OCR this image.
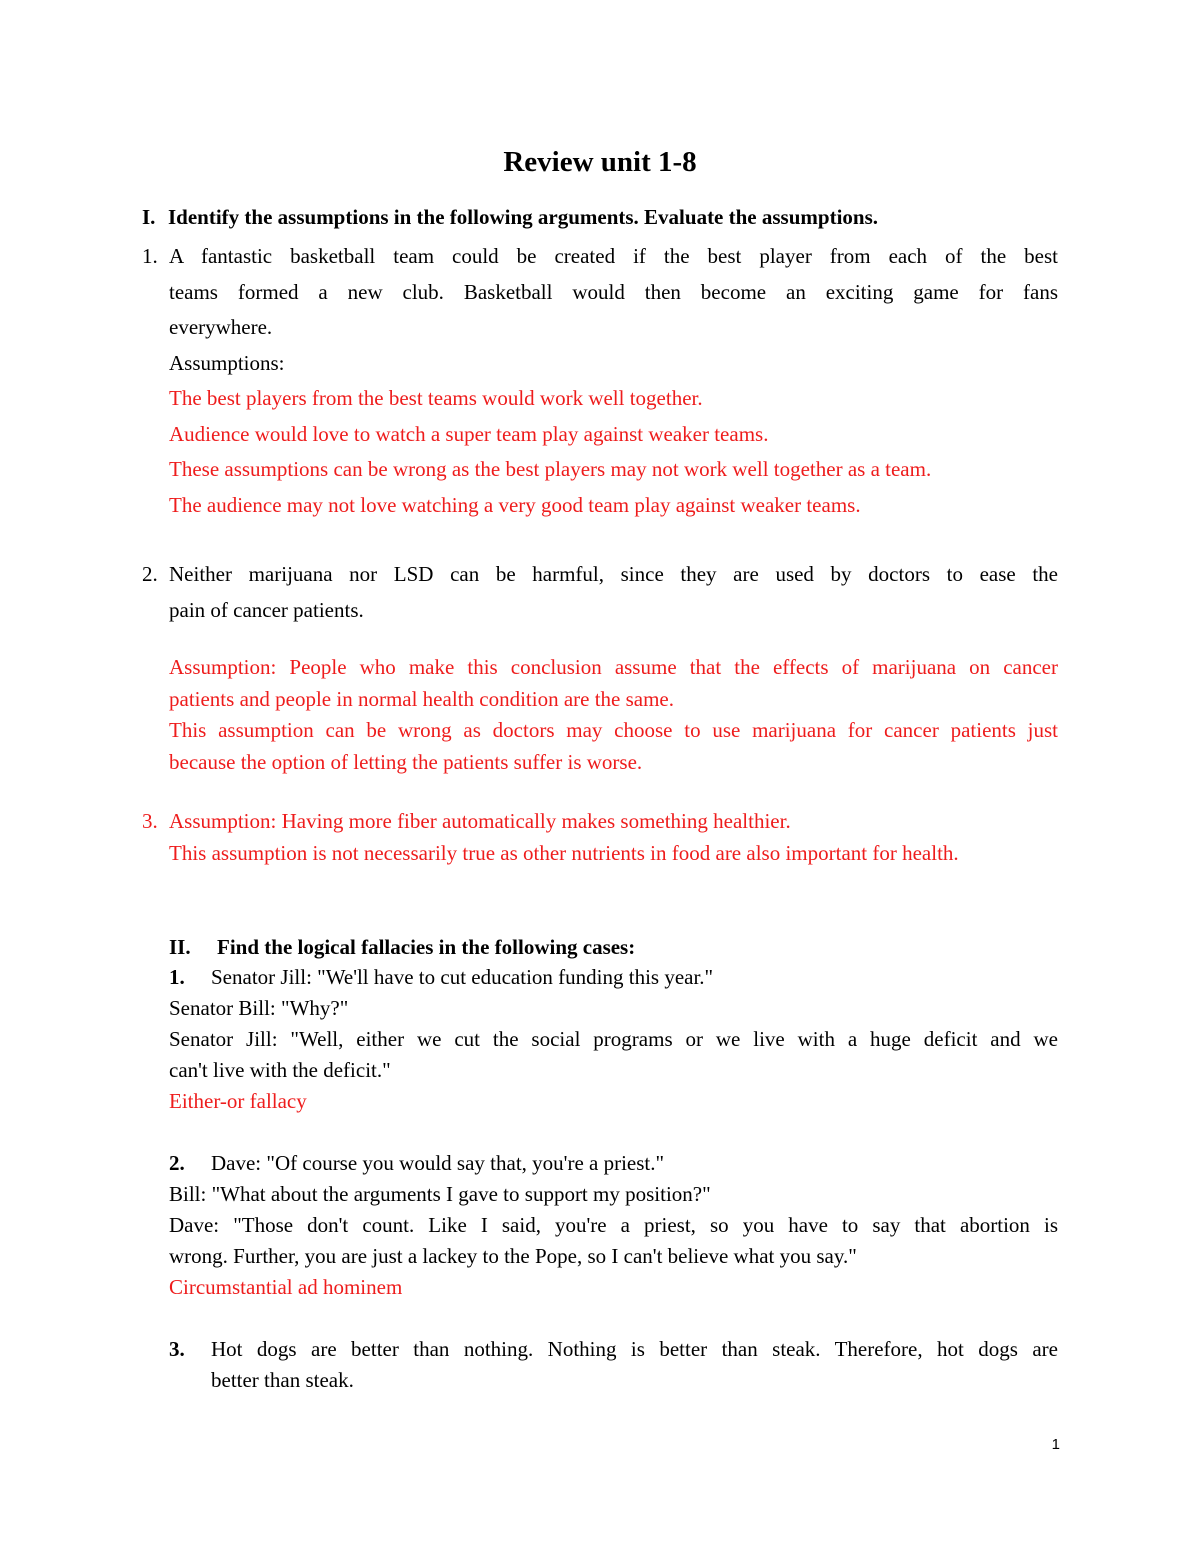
Review unit 1-8

I. Identify the assumptions in the following arguments. Evaluate the assumptions.

1. A fantastic basketball team could be created if the best player from each of the best
teams formed a new club. Basketball would then become an exciting game for fans
everywhere.
Assumptions:
The best players from the best teams would work well together.
Audience would love to watch a super team play against weaker teams.
These assumptions can be wrong as the best players may not work well together as a team.
The audience may not love watching a very good team play against weaker teams.
2. Neither marijuana nor LSD can be harmful, since they are used by doctors to ease the
pain of cancer patients.
Assumption: People who make this conclusion assume that the effects of marijuana on cancer
patients and people in normal health condition are the same.
This assumption can be wrong as doctors may choose to use marijuana for cancer patients just
because the option of letting the patients suffer is worse.
3. Assumption: Having more fiber automatically makes something healthier.
This assumption is not necessarily true as other nutrients in food are also important for health.

II. Find the logical fallacies in the following cases:

1. Senator Jill: "We'll have to cut education funding this year."
Senator Bill: "Why?"
Senator Jill: "Well, either we cut the social programs or we live with a huge deficit and we
can't live with the deficit."
Either-or fallacy
2. Dave: "Of course you would say that, you're a priest."
Bill: "What about the arguments I gave to support my position?"
Dave: "Those don't count. Like I said, you're a priest, so you have to say that abortion is
wrong. Further, you are just a lackey to the Pope, so I can't believe what you say."
Circumstantial ad hominem
3. Hot dogs are better than nothing. Nothing is better than steak. Therefore, hot dogs are
better than steak.
1
